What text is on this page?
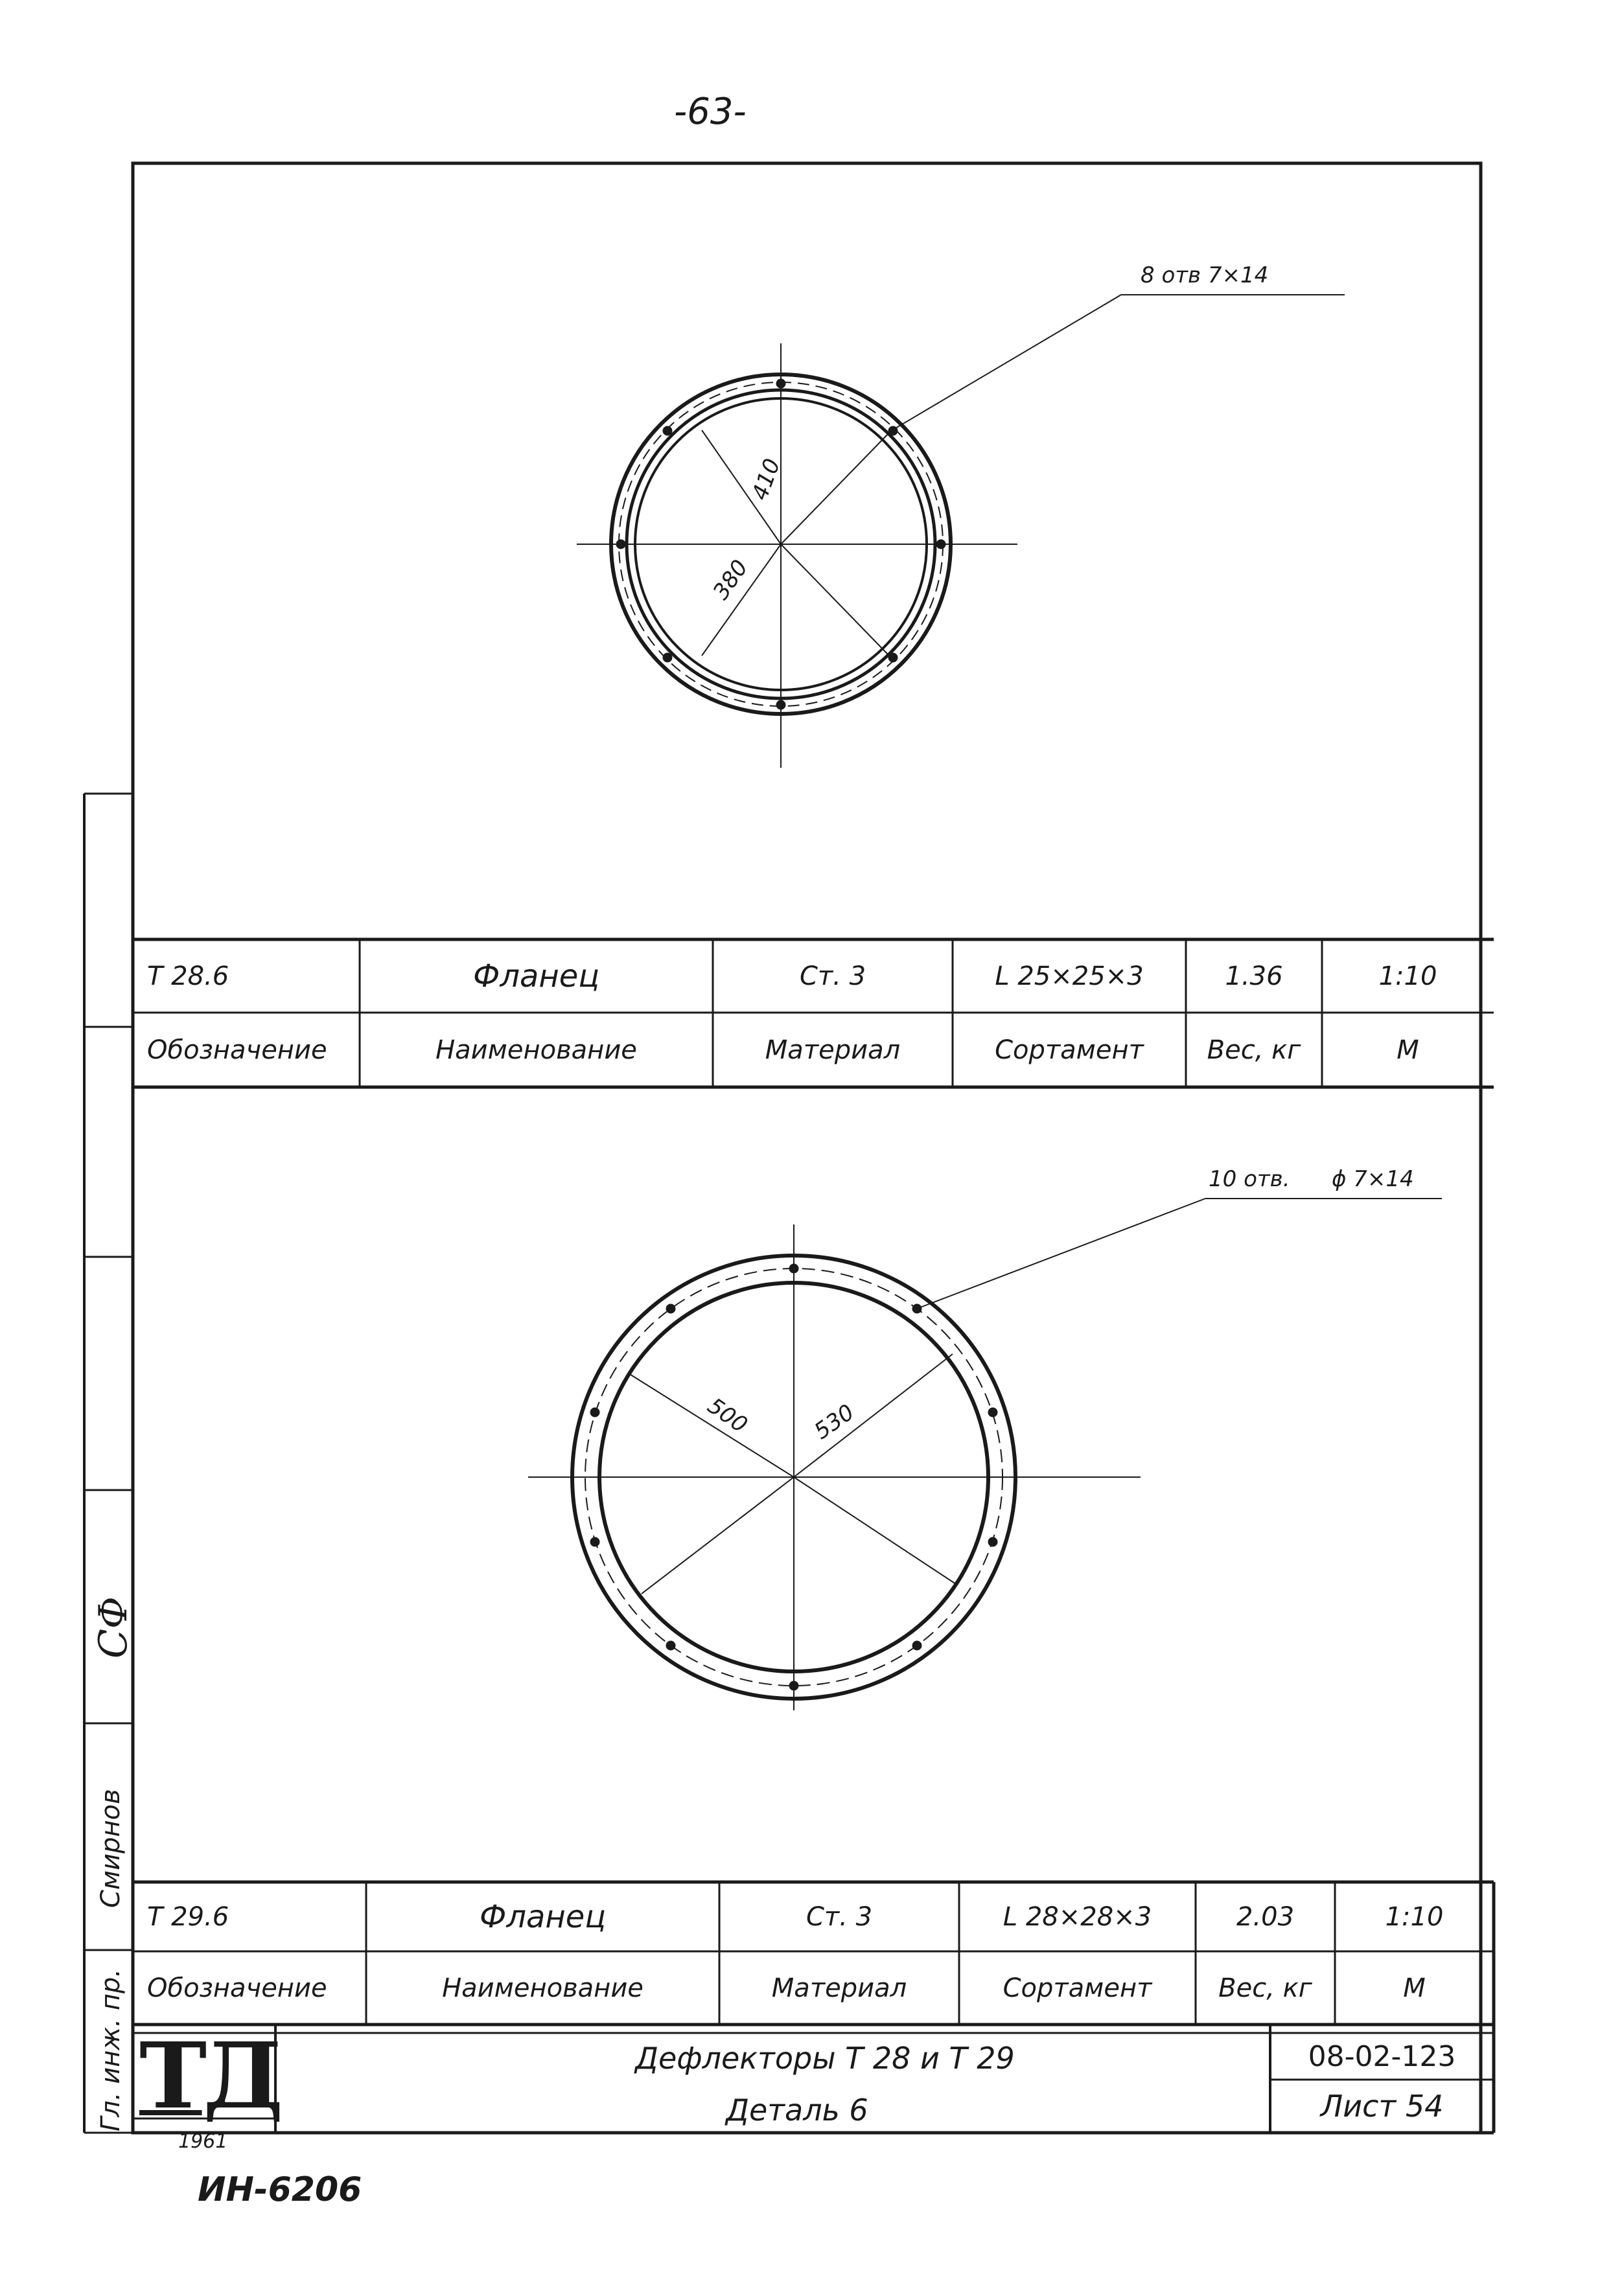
-63-
8 отв 7×14
410
380
T 28.6	Фланец	Ст. 3	L 25×25×3	1.36	1:10
Обозначение	Наименование	Материал	Сортамент	Вес, кг	М
10 отв. ϕ 7×14
500	530
T 29.6	Фланец	Ст. 3	L 28×28×3	2.03	1:10
Обозначение	Наименование	Материал	Сортамент	Вес, кг	М
ТД
1961
Дефлекторы Т 28 и Т 29
Деталь 6
08-02-123
Лист 54
Гл. инж. пр.
Смирнов
СФ
ИН-6206
